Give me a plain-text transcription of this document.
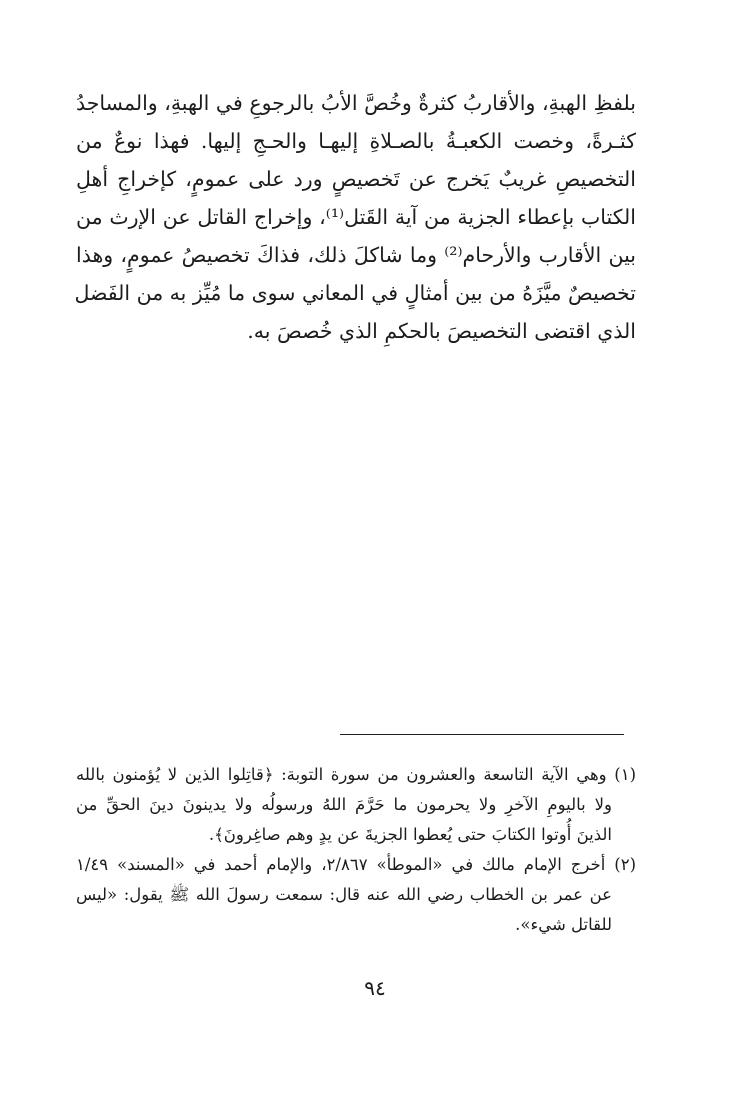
بلفظِ الهبةِ، والأقاربُ كثرةٌ وخُصَّ الأبُ بالرجوعِ في الهبةِ، والمساجدُ
كثـرةً، وخصت الكعبـةُ بالصـلاةِ إليهـا والحـجِ إليها. فهذا نوعٌ من
التخصيصِ غريبٌ يَخرج عن تَخصيصٍ ورد على عمومٍ، كإخراجِ أهلِ
الكتاب بإعطاء الجزية من آية القَتل⁽¹⁾، وإخراج القاتل عن الإرث من
بين الأقارب والأرحام⁽²⁾ وما شاكلَ ذلك، فذاكَ تخصيصُ عمومٍ، وهذا
تخصيصٌ ميَّزَهُ من بين أمثالٍ في المعاني سوى ما مُيِّز به من الفَضل
الذي اقتضى التخصيصَ بالحكمِ الذي خُصصَ به.
(١) وهي الآية التاسعة والعشرون من سورة التوبة: ﴿قاتِلوا الذين لا يُؤمنون بالله
ولا باليومِ الآخرِ ولا يحرمون ما حَرَّمَ اللهُ ورسولُه ولا يدينونَ دينَ الحقِّ من
الذينَ أُوتوا الكتابَ حتى يُعطوا الجزيةَ عن يدٍ وهم صاغِرونَ﴾.
(٢) أخرج الإمام مالك في «الموطأ» ٢/٨٦٧، والإمام أحمد في «المسند» ١/٤٩
عن عمر بن الخطاب رضي الله عنه قال: سمعت رسولَ الله ﷺ يقول: «ليس
للقاتل شيء».
٩٤
